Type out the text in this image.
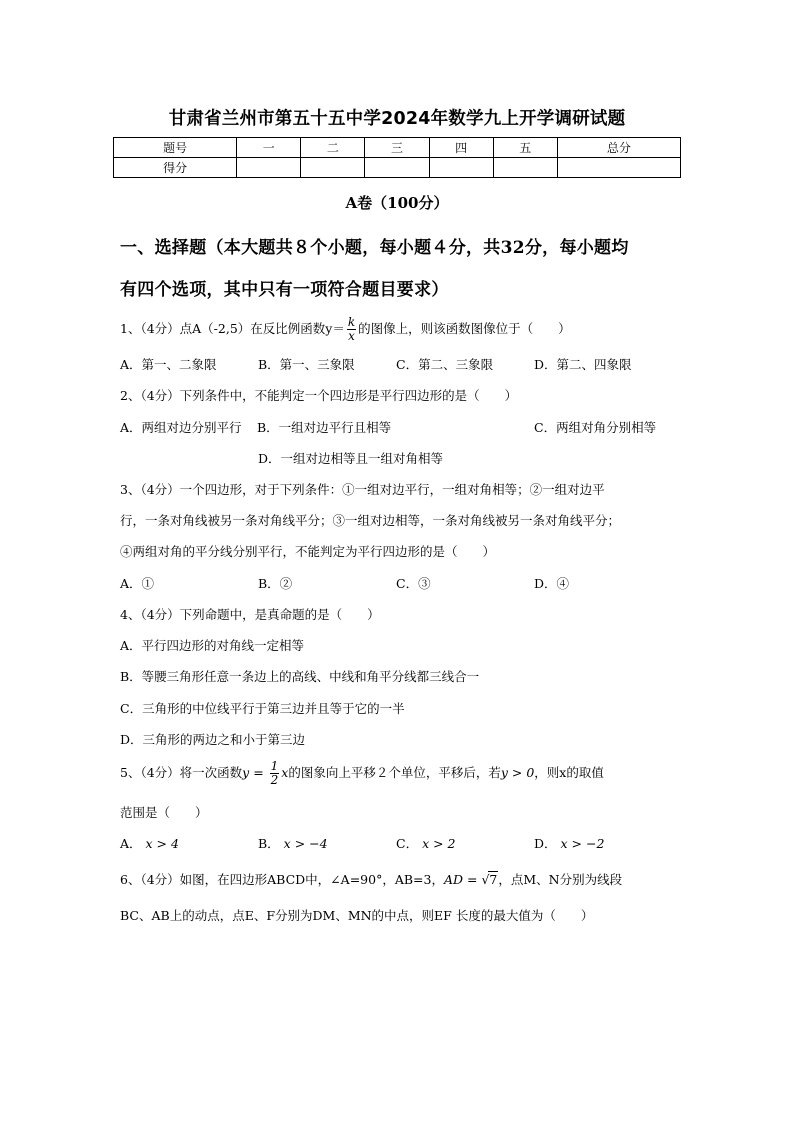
甘肃省兰州市第五十五中学2024年数学九上开学调研试题
题号	一	二	三	四	五	总分
得分						
A卷（100分）
一、选择题（本大题共８个小题，每小题４分，共32分，每小题均
有四个选项，其中只有一项符合题目要求）
1、（4分）点A（-2,5）在反比例函数$y= \frac{k}{x}$ 的图像上，则该函数图像位于（　　）
A．第一、二象限	B．第一、三象限	C．第二、三象限	D．第二、四象限
2、（4分）下列条件中，不能判定一个四边形是平行四边形的是（　　）
A．两组对边分别平行 B．一组对边平行且相等	C．两组对角分别相等
D．一组对边相等且一组对角相等
3、（4分）一个四边形，对于下列条件：①一组对边平行，一组对角相等；②一组对边平
行，一条对角线被另一条对角线平分；③一组对边相等，一条对角线被另一条对角线平分；
④两组对角的平分线分别平行，不能判定为平行四边形的是（　　）
A．①	B．②	C．③	D．④
4、（4分）下列命题中，是真命题的是（　　）
A．平行四边形的对角线一定相等
B．等腰三角形任意一条边上的高线、中线和角平分线都三线合一
C．三角形的中位线平行于第三边并且等于它的一半
D．三角形的两边之和小于第三边
5、（4分）将一次函数$y = \frac{1}{2}$ x的图象向上平移２个单位，平移后，若y > 0，则x的取值
范围是（　　）
A． x > 4	B． x > −4	C． x > 2	D． x > −2
6、（4分）如图，在四边形ABCD中，∠A=90°，AB=3，AD = √7，点M、N分别为线段
BC、AB上的动点，点E、F分别为DM、MN的中点，则EF 长度的最大值为（　　）
